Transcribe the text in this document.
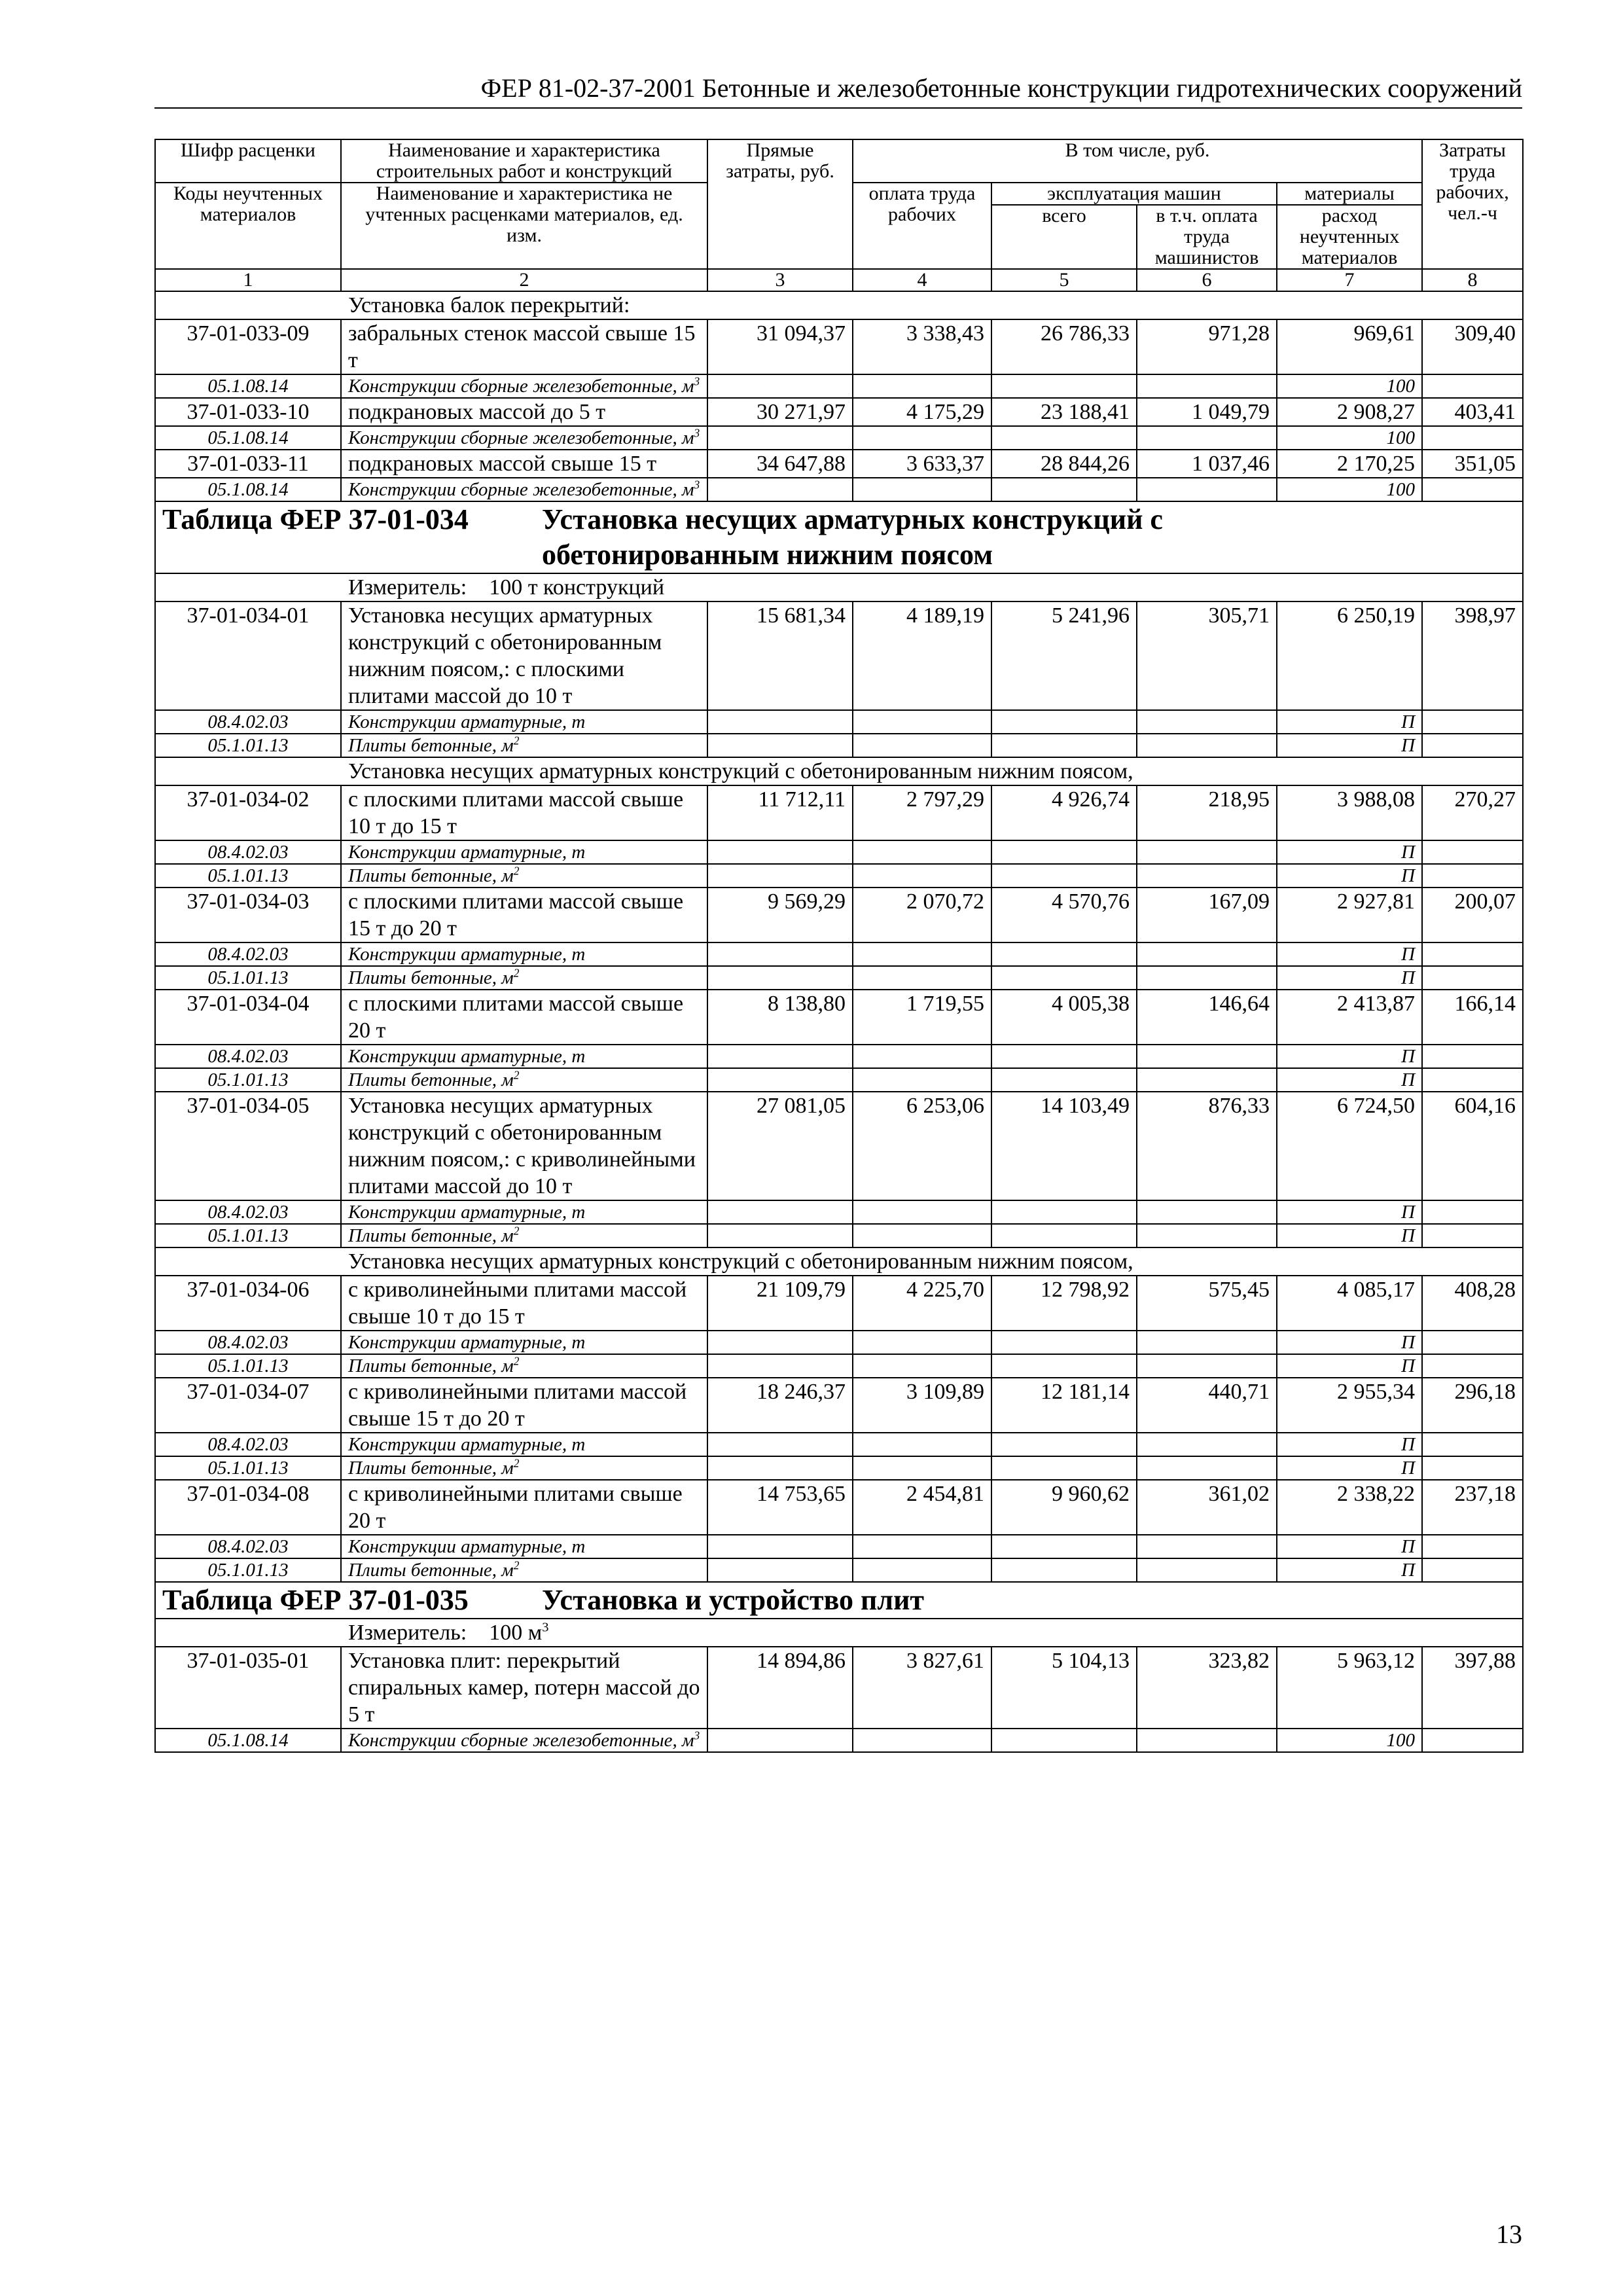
ФЕР 81-02-37-2001 Бетонные и железобетонные конструкции гидротехнических сооружений
Шифр расценки	Наименование и характеристика строительных работ и конструкций	Прямые затраты, руб.	В том числе, руб.				Затраты труда рабочих, чел.-ч
Коды неучтенных материалов	Наименование и характеристика не учтенных расценками материалов, ед. изм.		оплата труда рабочих	эксплуатация машин		материалы	
				всего	в т.ч. оплата труда машинистов	расход неучтенных материалов	
1	2	3	4	5	6	7	8
Установка балок перекрытий:							
37-01-033-09	забральных стенок массой свыше 15 т	31 094,37	3 338,43	26 786,33	971,28	969,61	309,40
05.1.08.14	Конструкции сборные железобетонные, $м^3$					100	
37-01-033-10	подкрановых массой до 5 т	30 271,97	4 175,29	23 188,41	1 049,79	2 908,27	403,41
05.1.08.14	Конструкции сборные железобетонные, $м^3$					100	
37-01-033-11	подкрановых массой свыше 15 т	34 647,88	3 633,37	28 844,26	1 037,46	2 170,25	351,05
05.1.08.14	Конструкции сборные железобетонные, $м^3$					100	

Таблица ФЕР 37-01-034 Установка несущих арматурных конструкций с
обетонированным нижним поясом							

Измеритель: 100 т конструкций							
37-01-034-01	Установка несущих арматурных конструкций с обетонированным нижним поясом,: с плоскими плитами массой до 10 т	15 681,34	4 189,19	5 241,96	305,71	6 250,19	398,97
08.4.02.03	Конструкции арматурные, т					П	
05.1.01.13	Плиты бетонные, $м^2$					П	
Установка несущих арматурных конструкций с обетонированным нижним поясом,							
37-01-034-02	с плоскими плитами массой свыше 10 т до 15 т	11 712,11	2 797,29	4 926,74	218,95	3 988,08	270,27
08.4.02.03	Конструкции арматурные, т					П	
05.1.01.13	Плиты бетонные, $м^2$					П	
37-01-034-03	с плоскими плитами массой свыше 15 т до 20 т	9 569,29	2 070,72	4 570,76	167,09	2 927,81	200,07
08.4.02.03	Конструкции арматурные, т					П	
05.1.01.13	Плиты бетонные, $м^2$					П	
37-01-034-04	с плоскими плитами массой свыше 20 т	8 138,80	1 719,55	4 005,38	146,64	2 413,87	166,14
08.4.02.03	Конструкции арматурные, т					П	
05.1.01.13	Плиты бетонные, $м^2$					П	
37-01-034-05	Установка несущих арматурных конструкций с обетонированным нижним поясом,: с криволинейными плитами массой до 10 т	27 081,05	6 253,06	14 103,49	876,33	6 724,50	604,16
08.4.02.03	Конструкции арматурные, т					П	
05.1.01.13	Плиты бетонные, $м^2$					П	
Установка несущих арматурных конструкций с обетонированным нижним поясом,							
37-01-034-06	с криволинейными плитами массой свыше 10 т до 15 т	21 109,79	4 225,70	12 798,92	575,45	4 085,17	408,28
08.4.02.03	Конструкции арматурные, т					П	
05.1.01.13	Плиты бетонные, $м^2$					П	
37-01-034-07	с криволинейными плитами массой свыше 15 т до 20 т	18 246,37	3 109,89	12 181,14	440,71	2 955,34	296,18
08.4.02.03	Конструкции арматурные, т					П	
05.1.01.13	Плиты бетонные, $м^2$					П	
37-01-034-08	с криволинейными плитами свыше 20 т	14 753,65	2 454,81	9 960,62	361,02	2 338,22	237,18
08.4.02.03	Конструкции арматурные, т					П	
05.1.01.13	Плиты бетонные, $м^2$					П	
Таблица ФЕР 37-01-035 Установка и устройство плит							
Измеритель: 100 $м^3$
37-01-035-01	Установка плит: перекрытий спиральных камер, потерн массой до 5 т	14 894,86	3 827,61	5 104,13	323,82	5 963,12	397,88
05.1.08.14	Конструкции сборные железобетонные, $м^3$					100	
13
